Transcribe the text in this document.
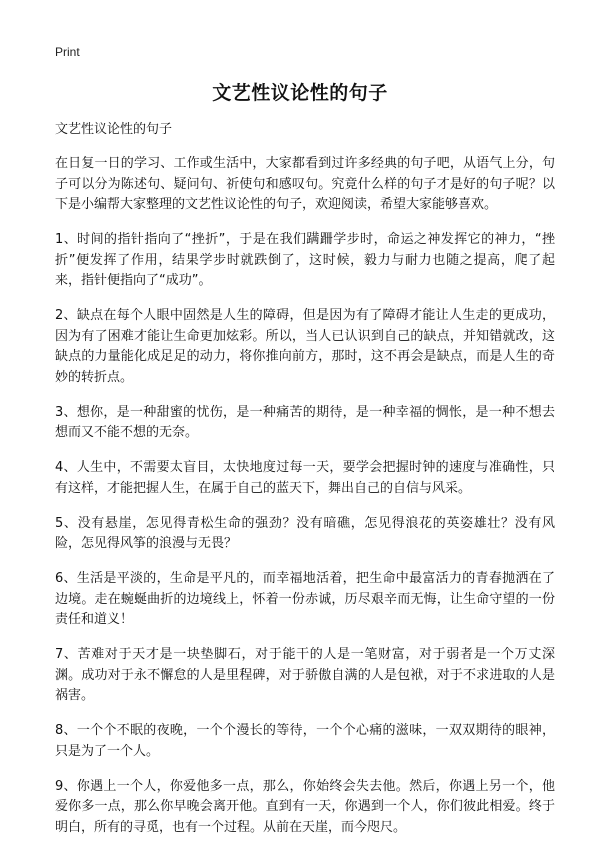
Print
文艺性议论性的句子

文艺性议论性的句子

在日复一日的学习、工作或生活中，大家都看到过许多经典的句子吧，从语气上分，句子可以分为陈述句、疑问句、祈使句和感叹句。究竟什么样的句子才是好的句子呢？以下是小编帮大家整理的文艺性议论性的句子，欢迎阅读，希望大家能够喜欢。

1、时间的指针指向了“挫折”，于是在我们蹒跚学步时，命运之神发挥它的神力，“挫折”便发挥了作用，结果学步时就跌倒了，这时候，毅力与耐力也随之提高，爬了起来，指针便指向了“成功”。

2、缺点在每个人眼中固然是人生的障碍，但是因为有了障碍才能让人生走的更成功，因为有了困难才能让生命更加炫彩。所以，当人已认识到自己的缺点，并知错就改，这缺点的力量能化成足足的动力，将你推向前方，那时，这不再会是缺点，而是人生的奇妙的转折点。

3、想你，是一种甜蜜的忧伤，是一种痛苦的期待，是一种幸福的惆怅，是一种不想去想而又不能不想的无奈。

4、人生中，不需要太盲目，太快地度过每一天，要学会把握时钟的速度与准确性，只有这样，才能把握人生，在属于自己的蓝天下，舞出自己的自信与风采。

5、没有悬崖，怎见得青松生命的强劲？没有暗礁，怎见得浪花的英姿雄壮？没有风险，怎见得风筝的浪漫与无畏？

6、生活是平淡的，生命是平凡的，而幸福地活着，把生命中最富活力的青春抛洒在了边境。走在蜿蜒曲折的边境线上，怀着一份赤诚，历尽艰辛而无悔，让生命守望的一份责任和道义！

7、苦难对于天才是一块垫脚石，对于能干的人是一笔财富，对于弱者是一个万丈深渊。成功对于永不懈怠的人是里程碑，对于骄傲自满的人是包袱，对于不求进取的人是祸害。

8、一个个不眠的夜晚，一个个漫长的等待，一个个心痛的滋味，一双双期待的眼神，只是为了一个人。

9、你遇上一个人，你爱他多一点，那么，你始终会失去他。然后，你遇上另一个，他爱你多一点，那么你早晚会离开他。直到有一天，你遇到一个人，你们彼此相爱。终于明白，所有的寻觅，也有一个过程。从前在天崖，而今咫尺。
